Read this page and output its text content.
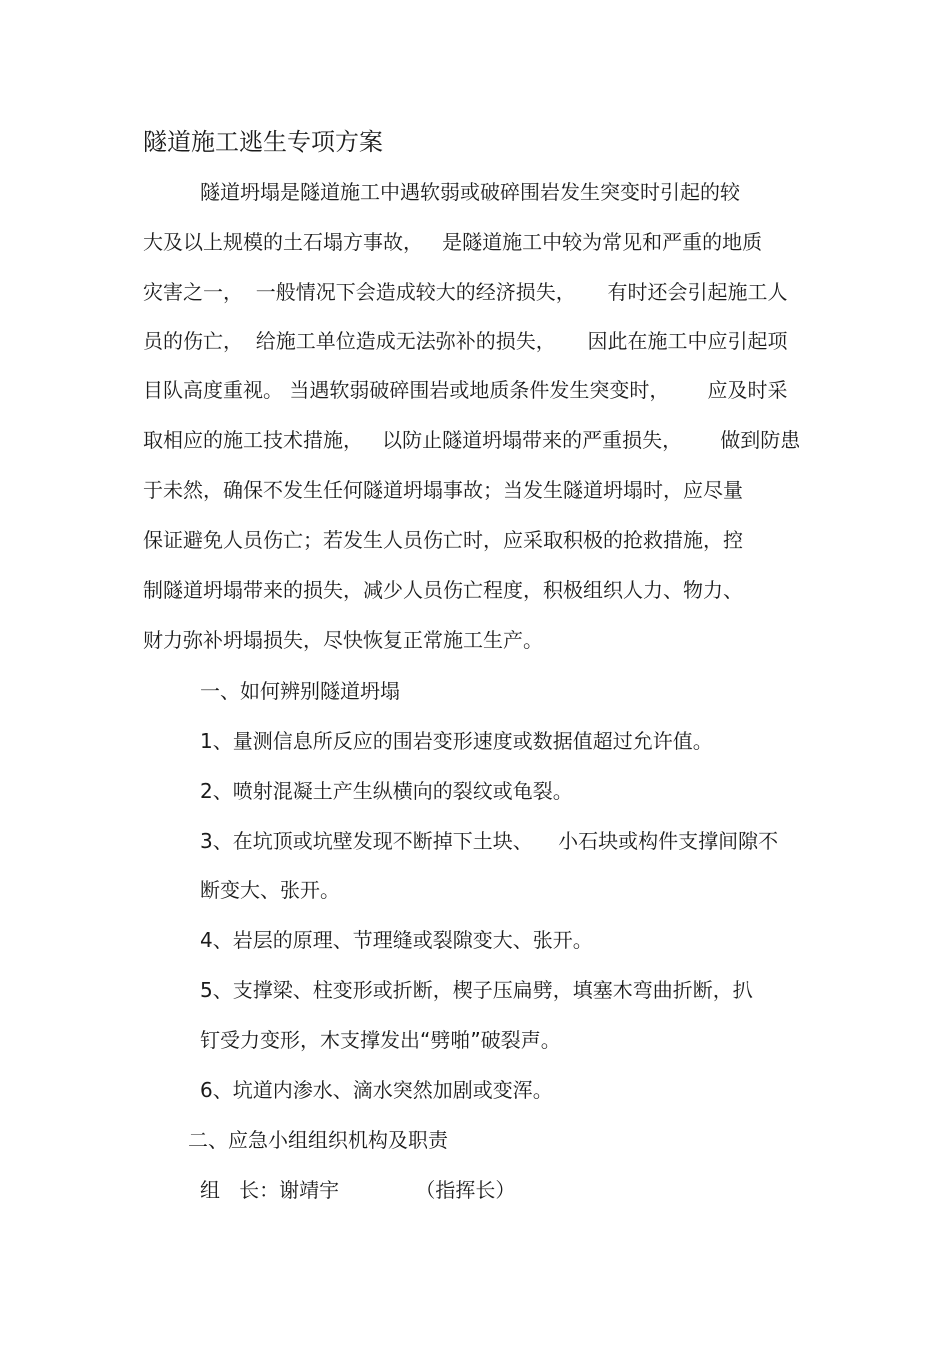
隧道施工逃生专项方案
隧道坍塌是隧道施工中遇软弱或破碎围岩发生突变时引起的较
大及以上规模的土石塌方事故，   是隧道施工中较为常见和严重的地质
灾害之一，  一般情况下会造成较大的经济损失，     有时还会引起施工人
员的伤亡，  给施工单位造成无法弥补的损失，     因此在施工中应引起项
目队高度重视。 当遇软弱破碎围岩或地质条件发生突变时，      应及时采
取相应的施工技术措施，   以防止隧道坍塌带来的严重损失，      做到防患
于未然，确保不发生任何隧道坍塌事故；当发生隧道坍塌时，应尽量
保证避免人员伤亡；若发生人员伤亡时，应采取积极的抢救措施，控
制隧道坍塌带来的损失，减少人员伤亡程度，积极组织人力、物力、
财力弥补坍塌损失，尽快恢复正常施工生产。
一、如何辨别隧道坍塌
1、量测信息所反应的围岩变形速度或数据值超过允许值。
2、喷射混凝土产生纵横向的裂纹或龟裂。
3、在坑顶或坑壁发现不断掉下土块、    小石块或构件支撑间隙不
断变大、张开。
4、岩层的原理、节理缝或裂隙变大、张开。
5、支撑梁、柱变形或折断，楔子压扁劈，填塞木弯曲折断，扒
钉受力变形，木支撑发出“劈啪”破裂声。
6、坑道内渗水、滴水突然加剧或变浑。
二、应急小组组织机构及职责
组   长：谢靖宇            （指挥长）
